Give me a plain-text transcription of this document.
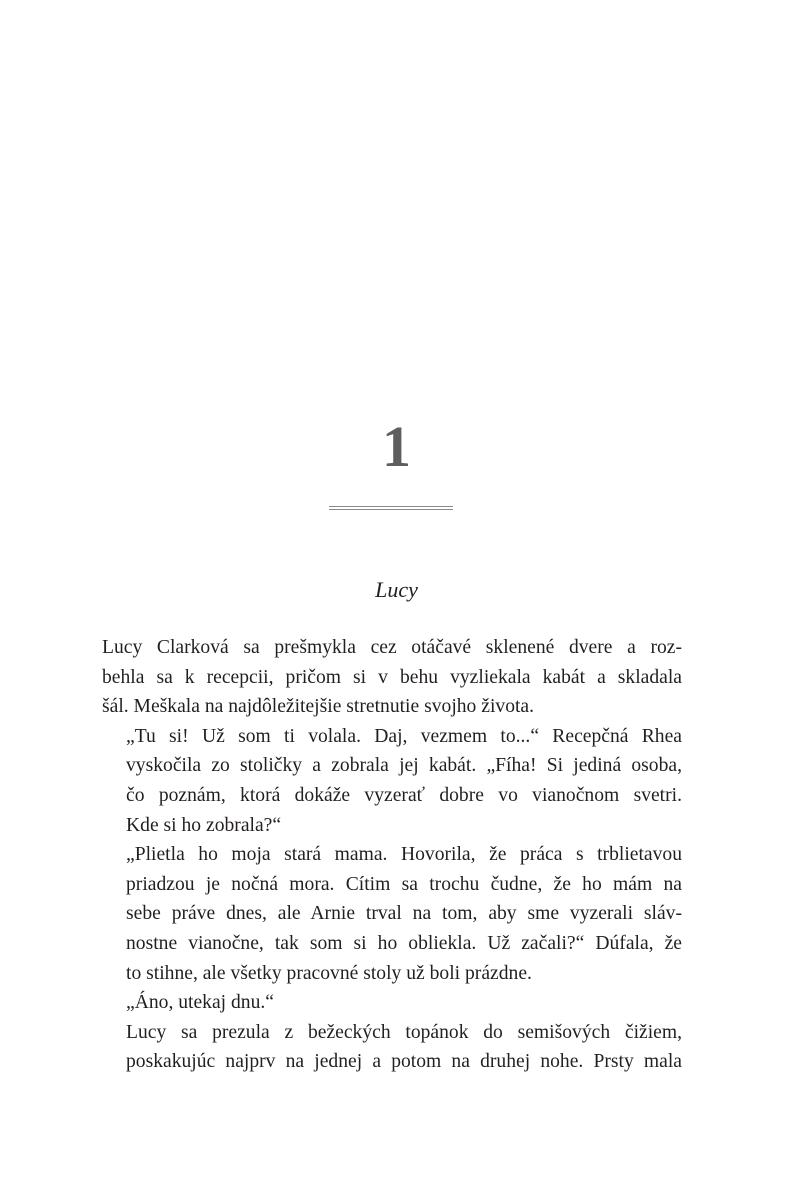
1
Lucy

Lucy Clarková sa prešmykla cez otáčavé sklenené dvere a roz-
behla sa k recepcii, pričom si v behu vyzliekala kabát a skladala
šál. Meškala na najdôležitejšie stretnutie svojho života.

„Tu si! Už som ti volala. Daj, vezmem to...“ Recepčná Rhea
vyskočila zo stoličky a zobrala jej kabát. „Fíha! Si jediná osoba,
čo poznám, ktorá dokáže vyzerať dobre vo vianočnom svetri.
Kde si ho zobrala?“

„Plietla ho moja stará mama. Hovorila, že práca s trblietavou
priadzou je nočná mora. Cítim sa trochu čudne, že ho mám na
sebe práve dnes, ale Arnie trval na tom, aby sme vyzerali sláv-
nostne vianočne, tak som si ho obliekla. Už začali?“ Dúfala, že
to stihne, ale všetky pracovné stoly už boli prázdne.

„Áno, utekaj dnu.“

Lucy sa prezula z bežeckých topánok do semišových čižiem,
poskakujúc najprv na jednej a potom na druhej nohe. Prsty mala
